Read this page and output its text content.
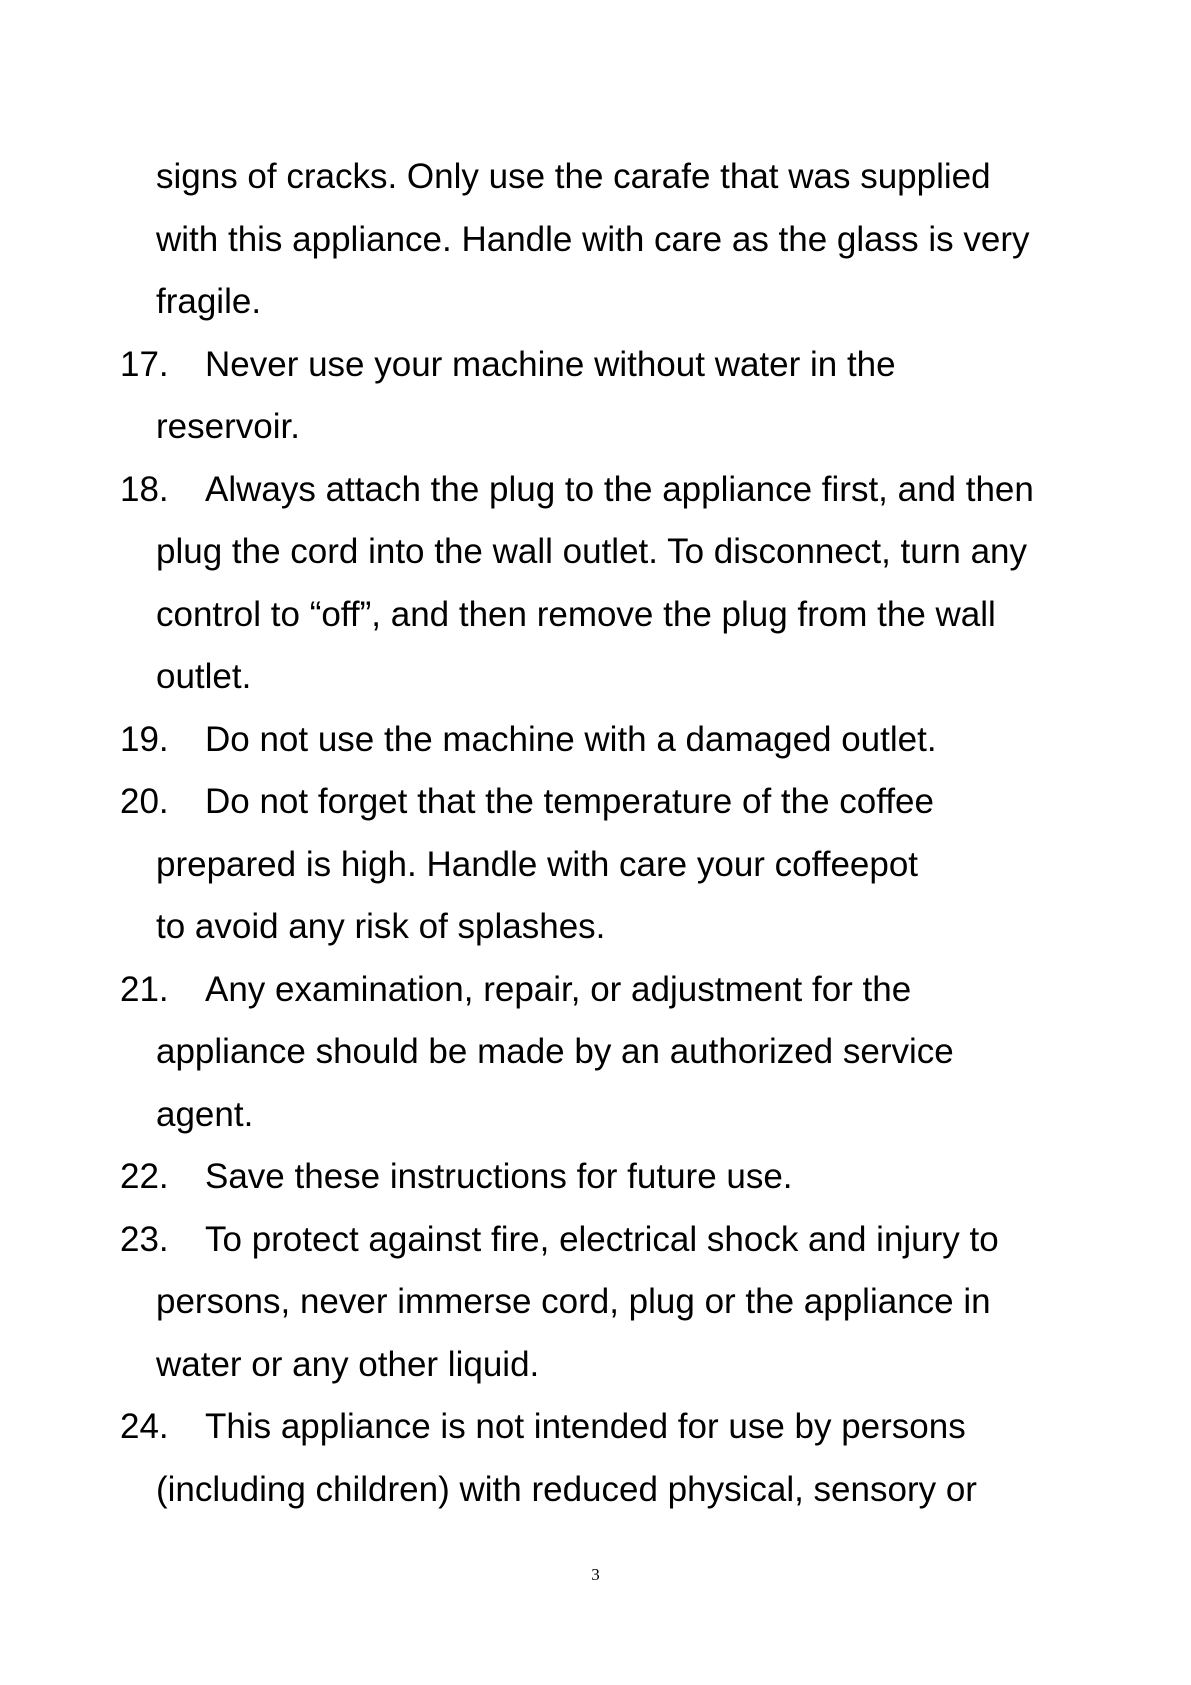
signs of cracks. Only use the carafe that was supplied
with this appliance. Handle with care as the glass is very
fragile.

17. Never use your machine without water in the
reservoir.

18. Always attach the plug to the appliance first, and then
plug the cord into the wall outlet. To disconnect, turn any
control to “off”, and then remove the plug from the wall
outlet.

19. Do not use the machine with a damaged outlet.

20. Do not forget that the temperature of the coffee
prepared is high. Handle with care your coffeepot
to avoid any risk of splashes.

21. Any examination, repair, or adjustment for the
appliance should be made by an authorized service
agent.

22. Save these instructions for future use.

23. To protect against fire, electrical shock and injury to
persons, never immerse cord, plug or the appliance in
water or any other liquid.

24. This appliance is not intended for use by persons
(including children) with reduced physical, sensory or

3
